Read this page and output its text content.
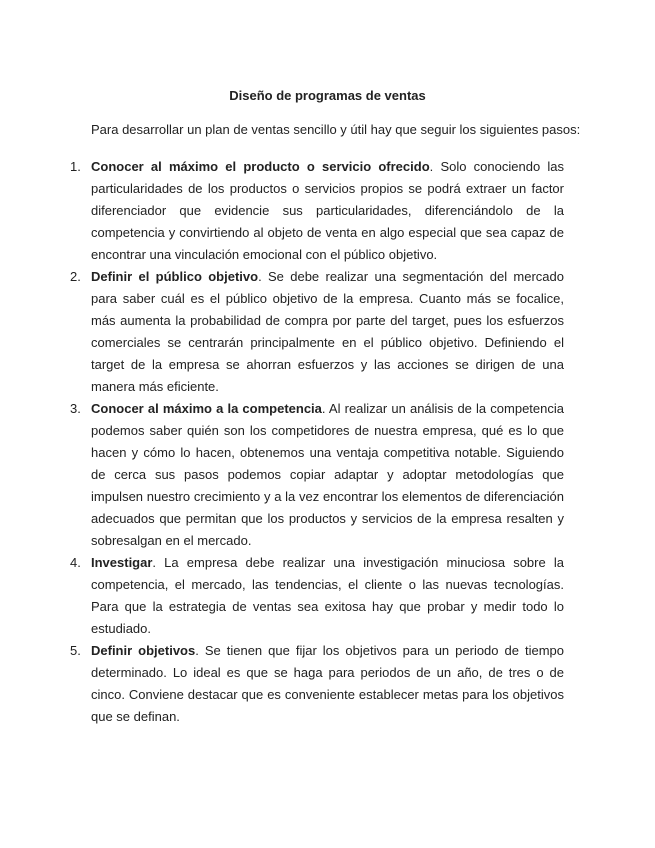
Diseño de programas de ventas
Para desarrollar un plan de ventas sencillo y útil hay que seguir los siguientes pasos:
1. Conocer al máximo el producto o servicio ofrecido. Solo conociendo las particularidades de los productos o servicios propios se podrá extraer un factor diferenciador que evidencie sus particularidades, diferenciándolo de la competencia y convirtiendo al objeto de venta en algo especial que sea capaz de encontrar una vinculación emocional con el público objetivo.
2. Definir el público objetivo. Se debe realizar una segmentación del mercado para saber cuál es el público objetivo de la empresa. Cuanto más se focalice, más aumenta la probabilidad de compra por parte del target, pues los esfuerzos comerciales se centrarán principalmente en el público objetivo. Definiendo el target de la empresa se ahorran esfuerzos y las acciones se dirigen de una manera más eficiente.
3. Conocer al máximo a la competencia. Al realizar un análisis de la competencia podemos saber quién son los competidores de nuestra empresa, qué es lo que hacen y cómo lo hacen, obtenemos una ventaja competitiva notable. Siguiendo de cerca sus pasos podemos copiar adaptar y adoptar metodologías que impulsen nuestro crecimiento y a la vez encontrar los elementos de diferenciación adecuados que permitan que los productos y servicios de la empresa resalten y sobresalgan en el mercado.
4. Investigar. La empresa debe realizar una investigación minuciosa sobre la competencia, el mercado, las tendencias, el cliente o las nuevas tecnologías. Para que la estrategia de ventas sea exitosa hay que probar y medir todo lo estudiado.
5. Definir objetivos. Se tienen que fijar los objetivos para un periodo de tiempo determinado. Lo ideal es que se haga para periodos de un año, de tres o de cinco. Conviene destacar que es conveniente establecer metas para los objetivos que se definan.
